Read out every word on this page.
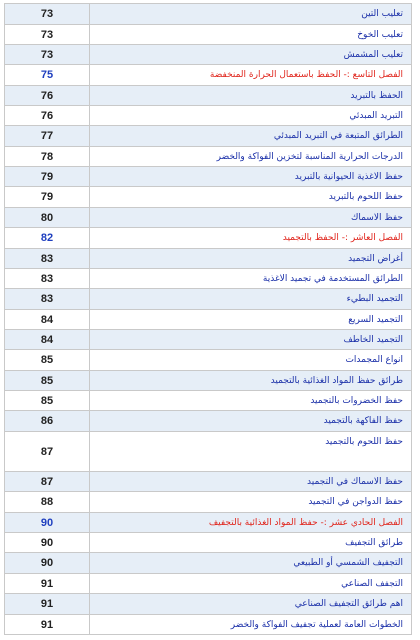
73	تعليب التين
73	تعليب الخوخ
73	تعليب المشمش
75	الفصل التاسع :- الحفظ باستعمال الحرارة المنخفضة
76	الحفظ بالتبريد
76	التبريد المبدئي
77	الطرائق المتبعة في التبريد المبدئي
78	الدرجات الحرارية المناسبة لتخزين الفواكة والخضر
79	حفظ الاغذية الحيوانية بالتبريد
79	حفظ اللحوم بالتبريد
80	حفظ الاسماك
82	الفصل العاشر :- الحفظ بالتجميد
83	أغراض التجميد
83	الطرائق المستخدمة في تجميد الاغذية
83	التجميد البطيء
84	التجميد السريع
84	التجميد الخاطف
85	انواع المجمدات
85	طرائق حفظ المواد الغذائية بالتجميد
85	حفظ الخضروات بالتجميد
86	حفظ الفاكهة بالتجميد
87	حفظ اللحوم بالتجميد
87	حفظ الاسماك في التجميد
88	حفظ الدواجن في التجميد
90	الفصل الحادي عشر :- حفظ المواد الغذائية بالتجفيف
90	طرائق التجفيف
90	التجفيف الشمسي أو الطبيعي
91	التجفف الصناعي
91	اهم طرائق التجفيف الصناعي
91	الخطوات العامة لعملية تجفيف الفواكة والخضر
